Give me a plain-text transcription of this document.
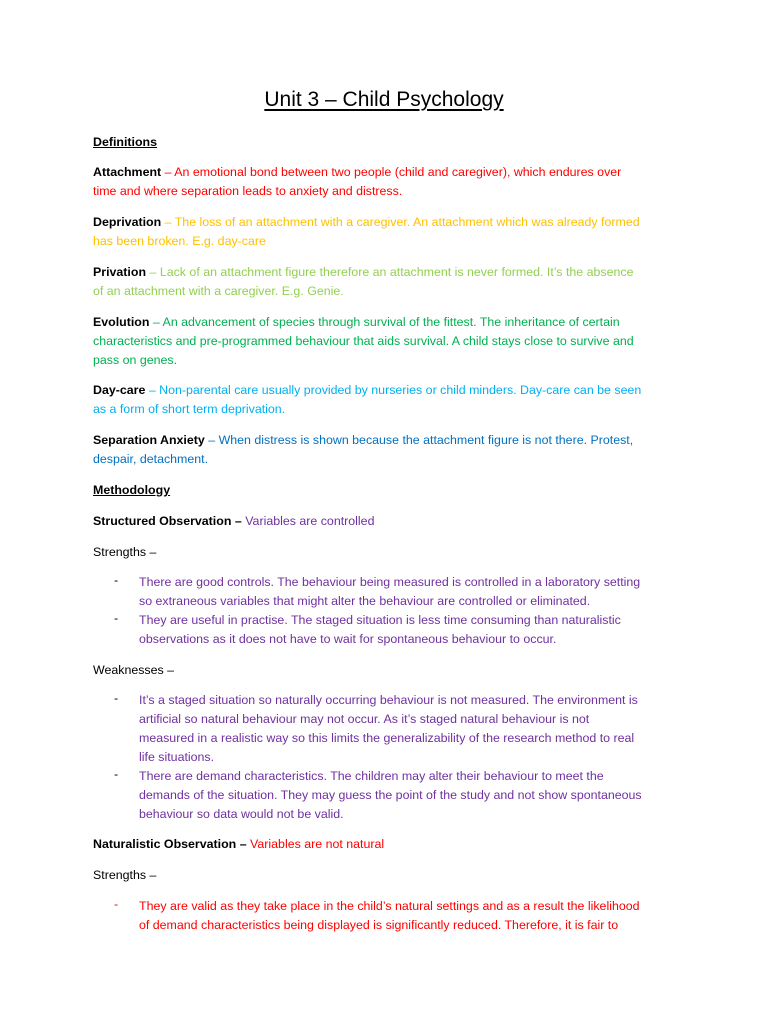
Unit 3 – Child Psychology
Definitions
Attachment – An emotional bond between two people (child and caregiver), which endures over
time and where separation leads to anxiety and distress.
Deprivation – The loss of an attachment with a caregiver. An attachment which was already formed
has been broken. E.g. day-care
Privation – Lack of an attachment figure therefore an attachment is never formed. It’s the absence
of an attachment with a caregiver. E.g. Genie.
Evolution – An advancement of species through survival of the fittest. The inheritance of certain
characteristics and pre-programmed behaviour that aids survival. A child stays close to survive and
pass on genes.
Day-care – Non-parental care usually provided by nurseries or child minders. Day-care can be seen
as a form of short term deprivation.
Separation Anxiety – When distress is shown because the attachment figure is not there. Protest,
despair, detachment.
Methodology
Structured Observation – Variables are controlled
Strengths –
- There are good controls. The behaviour being measured is controlled in a laboratory setting
so extraneous variables that might alter the behaviour are controlled or eliminated.
- They are useful in practise. The staged situation is less time consuming than naturalistic
observations as it does not have to wait for spontaneous behaviour to occur.
Weaknesses –
- It’s a staged situation so naturally occurring behaviour is not measured. The environment is
artificial so natural behaviour may not occur. As it’s staged natural behaviour is not
measured in a realistic way so this limits the generalizability of the research method to real
life situations.
- There are demand characteristics. The children may alter their behaviour to meet the
demands of the situation. They may guess the point of the study and not show spontaneous
behaviour so data would not be valid.
Naturalistic Observation – Variables are not natural
Strengths –
- They are valid as they take place in the child’s natural settings and as a result the likelihood
of demand characteristics being displayed is significantly reduced. Therefore, it is fair to
